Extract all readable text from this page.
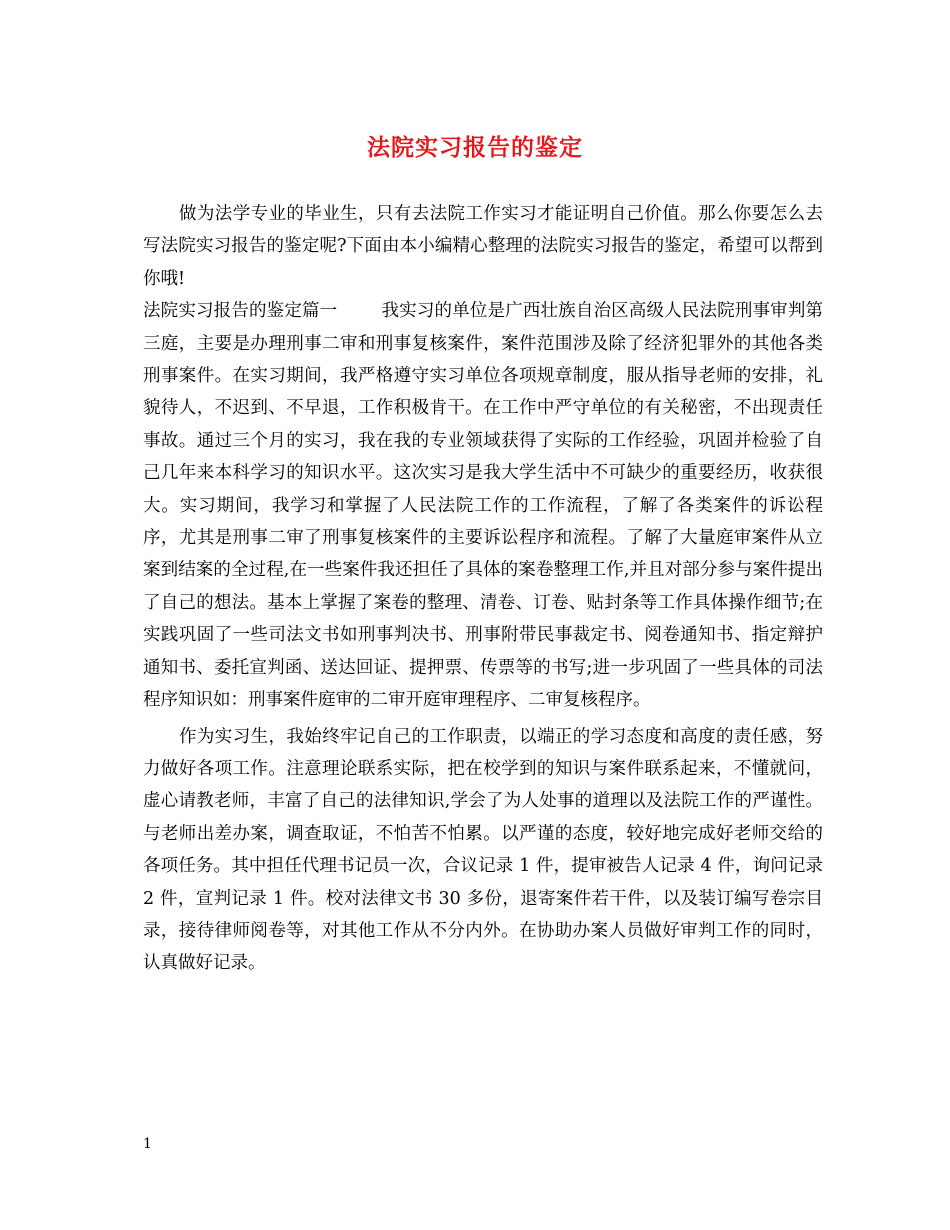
法院实习报告的鉴定

做为法学专业的毕业生，只有去法院工作实习才能证明自己价值。那么你要怎么去写法院实习报告的鉴定呢?下面由本小编精心整理的法院实习报告的鉴定，希望可以帮到你哦!

法院实习报告的鉴定篇一	我实习的单位是广西壮族自治区高级人民法院刑事审判第三庭，主要是办理刑事二审和刑事复核案件，案件范围涉及除了经济犯罪外的其他各类刑事案件。在实习期间，我严格遵守实习单位各项规章制度，服从指导老师的安排，礼貌待人，不迟到、不早退，工作积极肯干。在工作中严守单位的有关秘密，不出现责任事故。通过三个月的实习，我在我的专业领域获得了实际的工作经验，巩固并检验了自己几年来本科学习的知识水平。这次实习是我大学生活中不可缺少的重要经历，收获很大。实习期间，我学习和掌握了人民法院工作的工作流程，了解了各类案件的诉讼程序，尤其是刑事二审了刑事复核案件的主要诉讼程序和流程。了解了大量庭审案件从立案到结案的全过程,在一些案件我还担任了具体的案卷整理工作,并且对部分参与案件提出了自己的想法。基本上掌握了案卷的整理、清卷、订卷、贴封条等工作具体操作细节;在实践巩固了一些司法文书如刑事判决书、刑事附带民事裁定书、阅卷通知书、指定辩护通知书、委托宣判函、送达回证、提押票、传票等的书写;进一步巩固了一些具体的司法程序知识如：刑事案件庭审的二审开庭审理程序、二审复核程序。

作为实习生，我始终牢记自己的工作职责，以端正的学习态度和高度的责任感，努力做好各项工作。注意理论联系实际，把在校学到的知识与案件联系起来，不懂就问，虚心请教老师，丰富了自己的法律知识,学会了为人处事的道理以及法院工作的严谨性。与老师出差办案，调查取证，不怕苦不怕累。以严谨的态度，较好地完成好老师交给的各项任务。其中担任代理书记员一次，合议记录 1 件，提审被告人记录 4 件，询问记录 2 件，宣判记录 1 件。校对法律文书 30 多份，退寄案件若干件，以及装订编写卷宗目录，接待律师阅卷等，对其他工作从不分内外。在协助办案人员做好审判工作的同时，认真做好记录。

1
